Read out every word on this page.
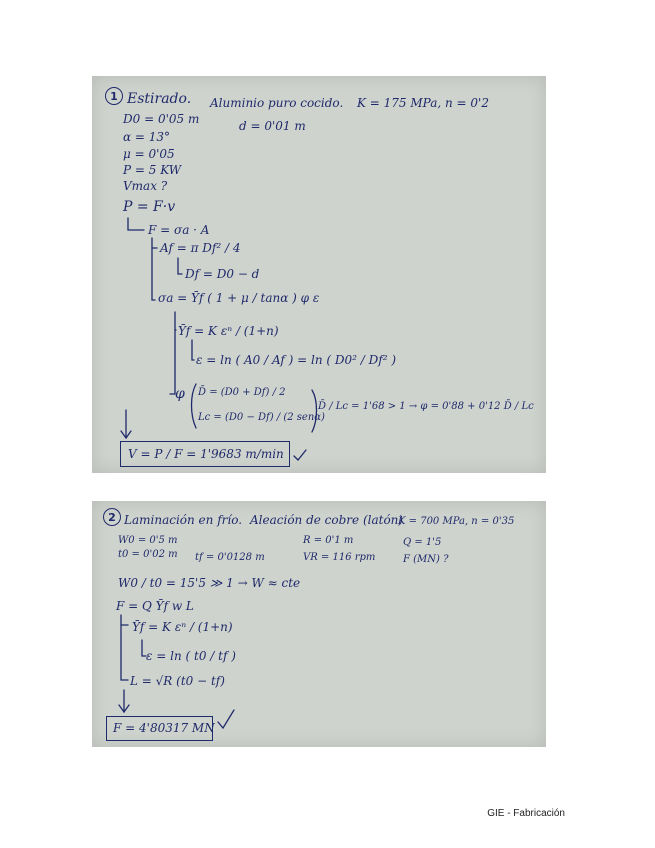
1 Estirado. Aluminio puro cocido. K = 175 MPa, n = 0'2
D0 = 0'05 m	d = 0'01 m
α = 13°
μ = 0'05
P = 5 KW
Vmax ?
P = F·v
F = σa · A
Af = π Df² / 4
Df = D0 − d
σa = Ȳf ( 1 + μ / tanα ) φ ε
Ȳf = K εⁿ / (1+n)
ε = ln ( A0 / Af ) = ln ( D0² / Df² )
φ D̄ = (D0 + Df) / 2
Lc = (D0 − Df) / (2 senα)
D̄ / Lc = 1'68 > 1 → φ = 0'88 + 0'12 D̄ / Lc
V = P / F = 1'9683 m/min
2 Laminación en frío. Aleación de cobre (latón)
K = 700 MPa, n = 0'35
W0 = 0'5 m	R = 0'1 m	Q = 1'5
t0 = 0'02 m tf = 0'0128 m	VR = 116 rpm	F (MN) ?
W0 / t0 = 15'5 ≫ 1 → W ≈ cte
F = Q Ȳf w L
Ȳf = K εⁿ / (1+n)
ε = ln ( t0 / tf )
L = √R (t0 − tf)
F = 4'80317 MN
GIE - Fabricación
